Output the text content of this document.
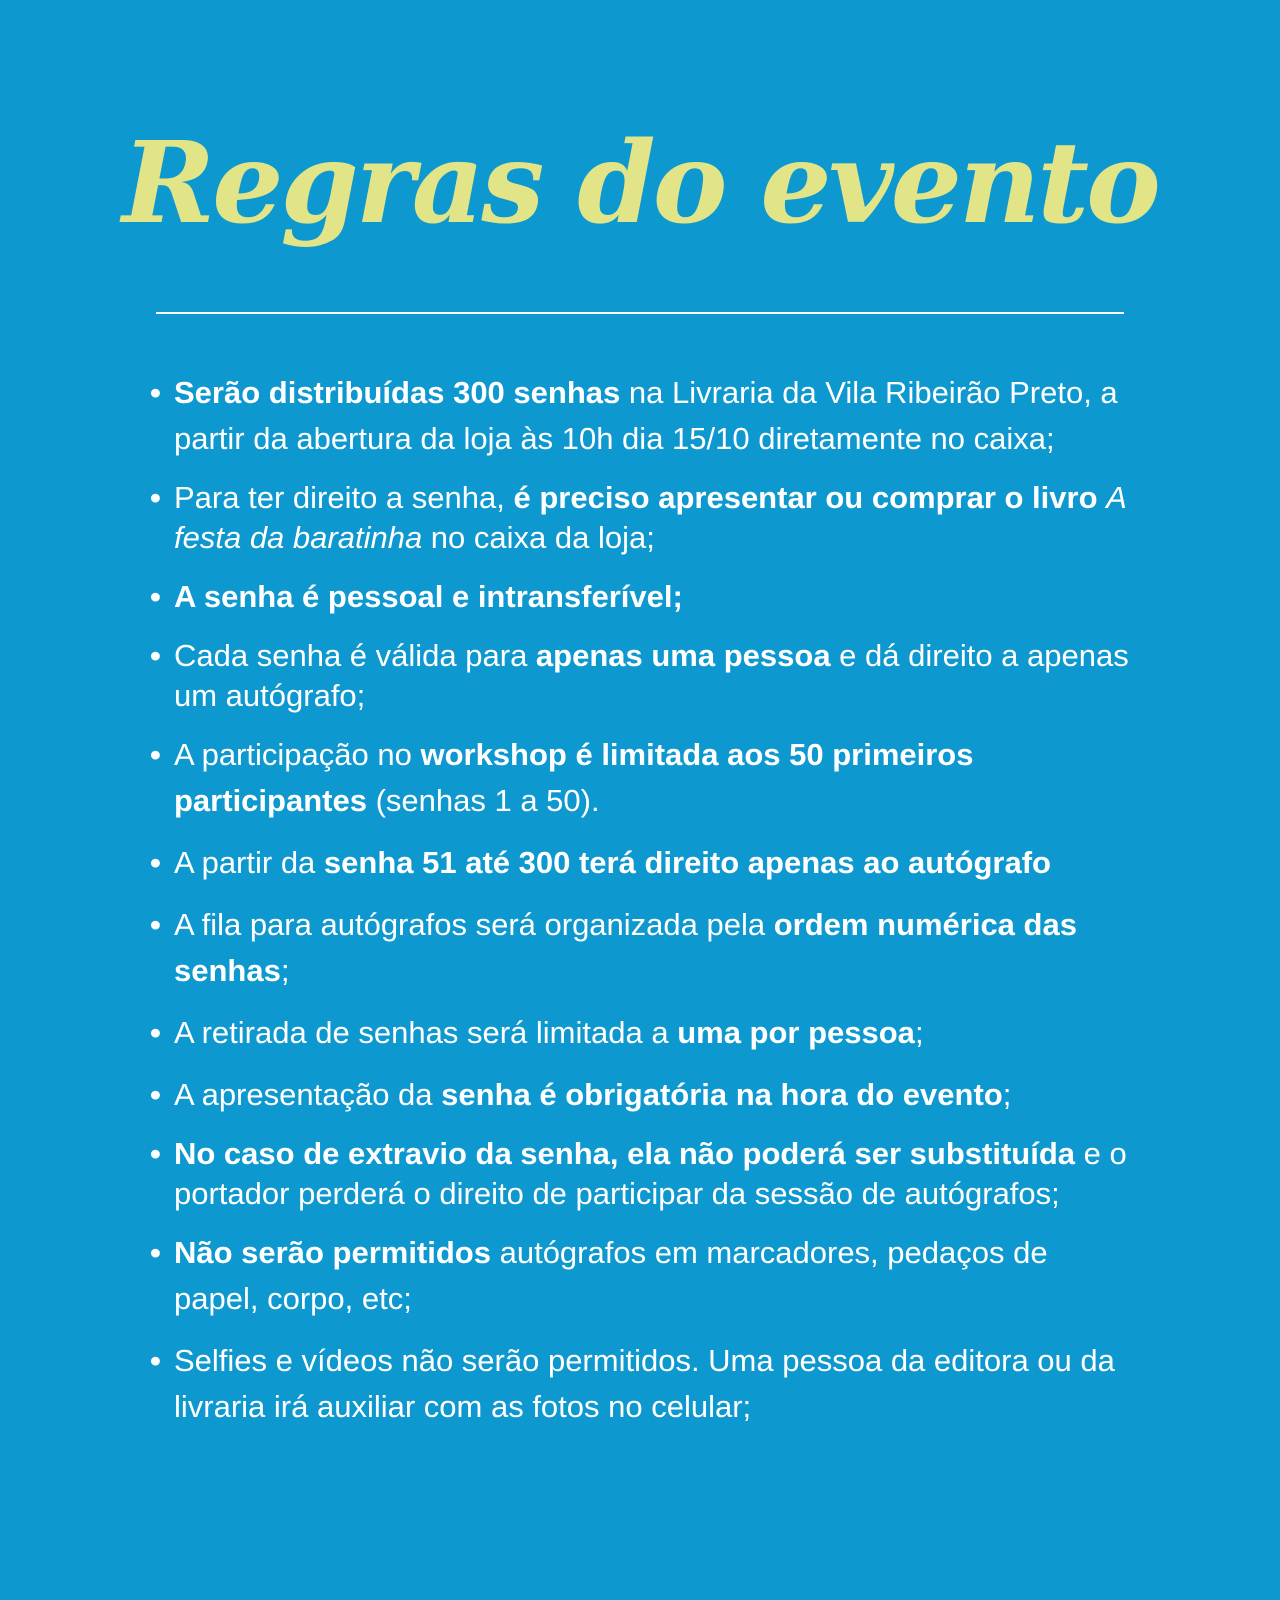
Regras do evento
• Serão distribuídas 300 senhas na Livraria da Vila Ribeirão Preto, a partir da abertura da loja às 10h dia 15/10 diretamente no caixa;
• Para ter direito a senha, é preciso apresentar ou comprar o livro A festa da baratinha no caixa da loja;
• A senha é pessoal e intransferível;
• Cada senha é válida para apenas uma pessoa e dá direito a apenas um autógrafo;
• A participação no workshop é limitada aos 50 primeiros participantes (senhas 1 a 50).
• A partir da senha 51 até 300 terá direito apenas ao autógrafo
• A fila para autógrafos será organizada pela ordem numérica das senhas;
• A retirada de senhas será limitada a uma por pessoa;
• A apresentação da senha é obrigatória na hora do evento;
• No caso de extravio da senha, ela não poderá ser substituída e o portador perderá o direito de participar da sessão de autógrafos;
• Não serão permitidos autógrafos em marcadores, pedaços de papel, corpo, etc;
• Selfies e vídeos não serão permitidos. Uma pessoa da editora ou da livraria irá auxiliar com as fotos no celular;
